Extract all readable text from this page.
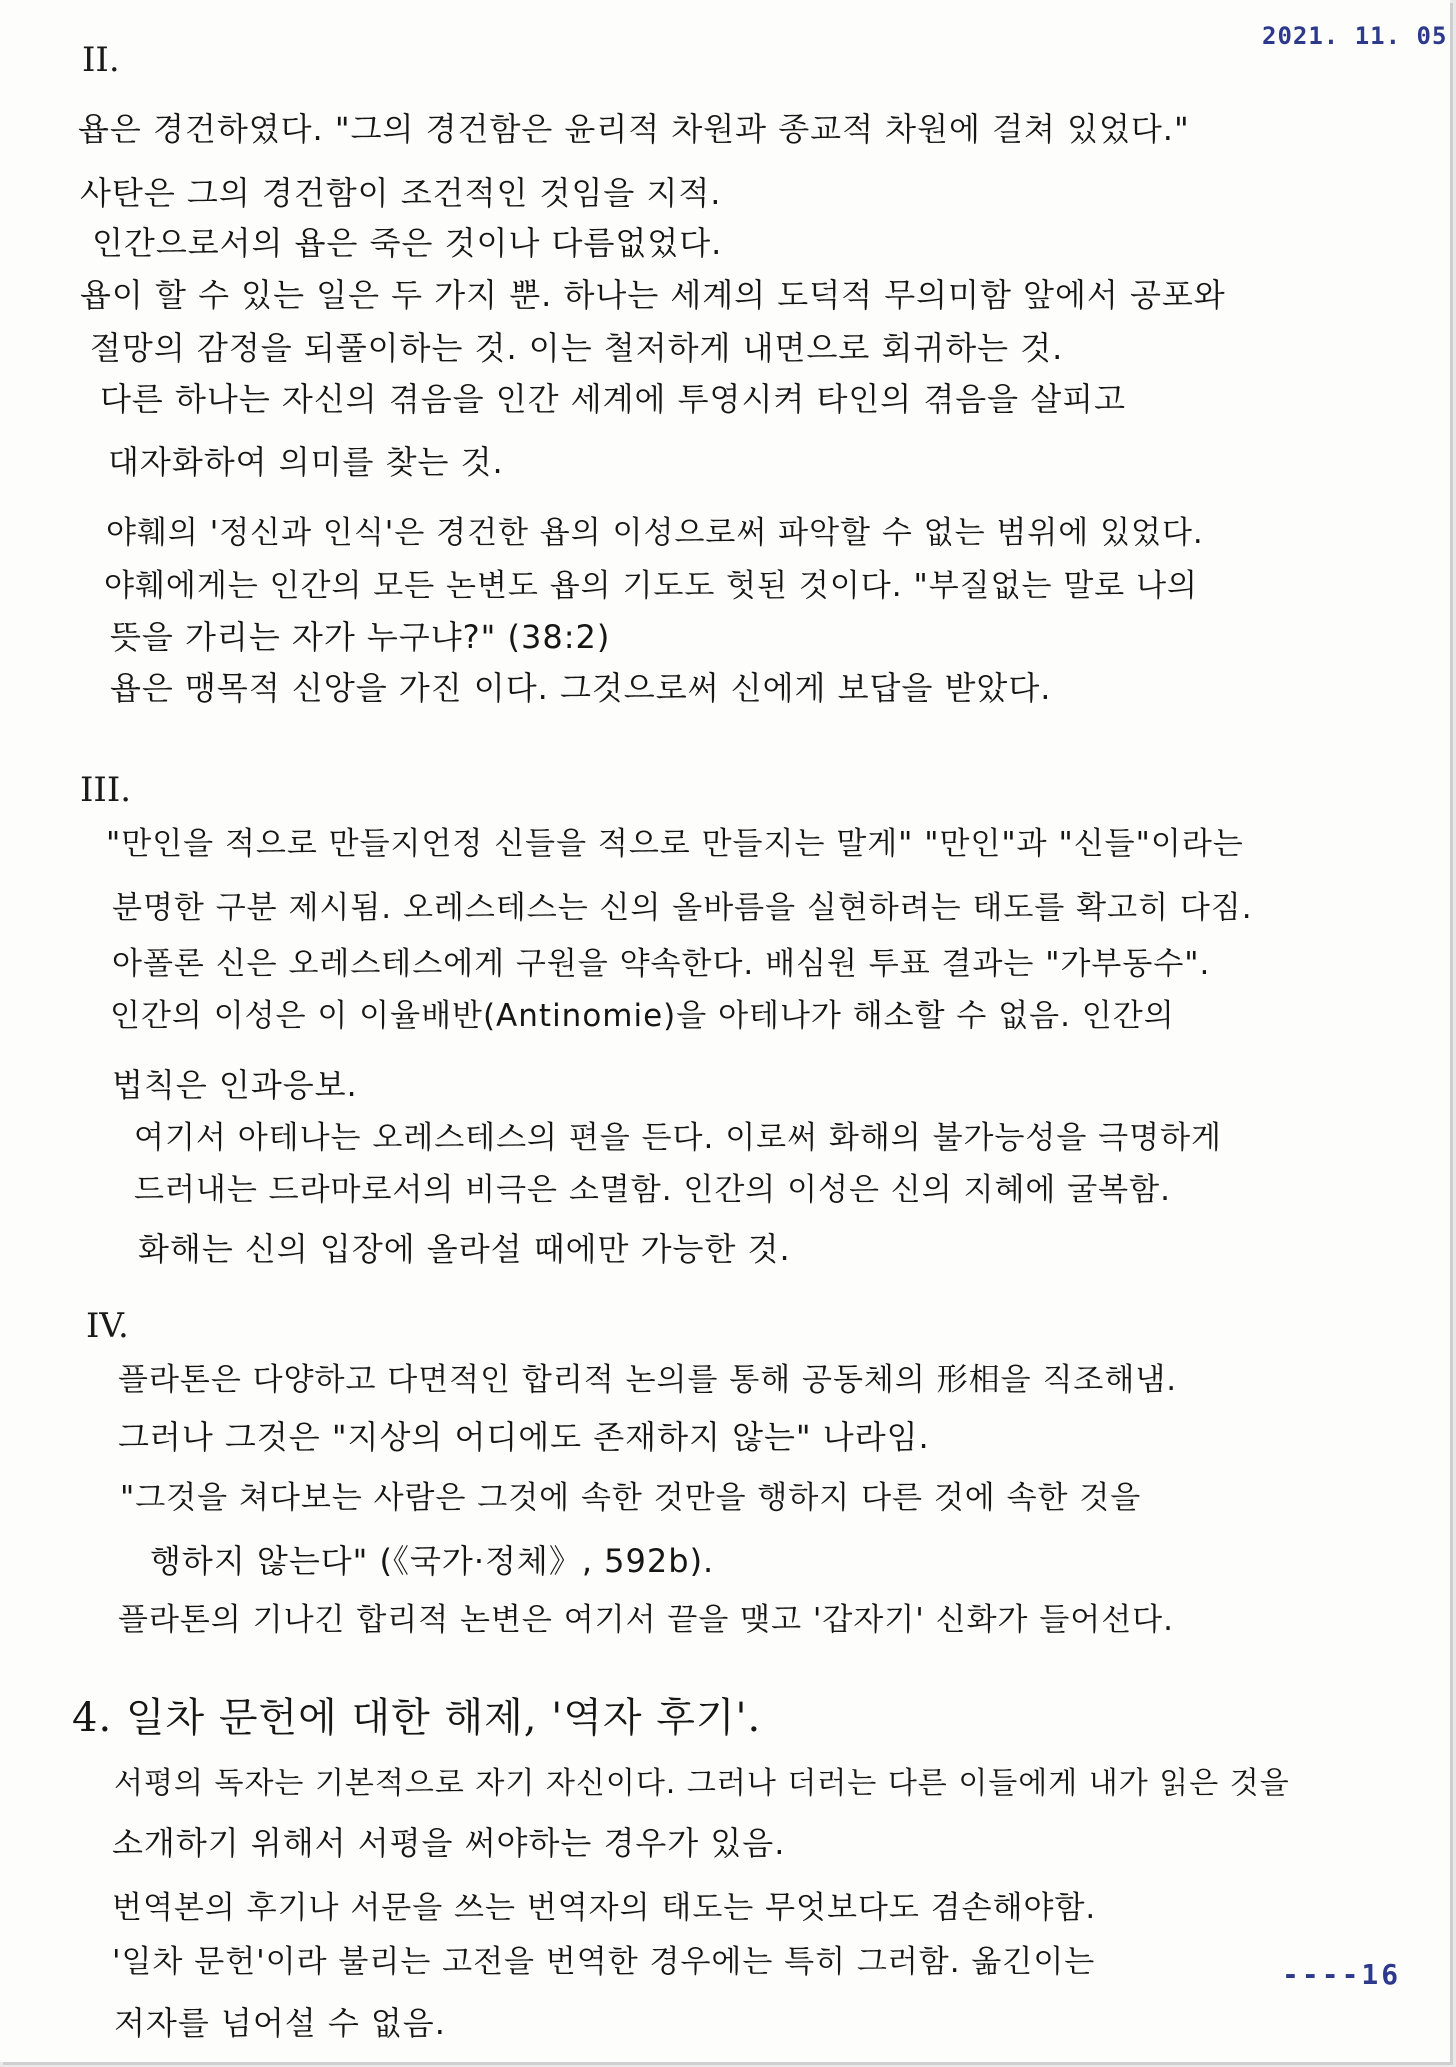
2021. 11. 05
II.
욥은 경건하였다. "그의 경건함은 윤리적 차원과 종교적 차원에 걸쳐 있었다."
사탄은 그의 경건함이 조건적인 것임을 지적.
인간으로서의 욥은 죽은 것이나 다름없었다.
욥이 할 수 있는 일은 두 가지 뿐. 하나는 세계의 도덕적 무의미함 앞에서 공포와
절망의 감정을 되풀이하는 것. 이는 철저하게 내면으로 회귀하는 것.
다른 하나는 자신의 겪음을 인간 세계에 투영시켜 타인의 겪음을 살피고
대자화하여 의미를 찾는 것.
야훼의 '정신과 인식'은 경건한 욥의 이성으로써 파악할 수 없는 범위에 있었다.
야훼에게는 인간의 모든 논변도 욥의 기도도 헛된 것이다. "부질없는 말로 나의
뜻을 가리는 자가 누구냐?" (38:2)
욥은 맹목적 신앙을 가진 이다. 그것으로써 신에게 보답을 받았다.
III.
"만인을 적으로 만들지언정 신들을 적으로 만들지는 말게" "만인"과 "신들"이라는
분명한 구분 제시됨. 오레스테스는 신의 올바름을 실현하려는 태도를 확고히 다짐.
아폴론 신은 오레스테스에게 구원을 약속한다. 배심원 투표 결과는 "가부동수".
인간의 이성은 이 이율배반(Antinomie)을 아테나가 해소할 수 없음. 인간의
법칙은 인과응보.
여기서 아테나는 오레스테스의 편을 든다. 이로써 화해의 불가능성을 극명하게
드러내는 드라마로서의 비극은 소멸함. 인간의 이성은 신의 지혜에 굴복함.
화해는 신의 입장에 올라설 때에만 가능한 것.
IV.
플라톤은 다양하고 다면적인 합리적 논의를 통해 공동체의 形相을 직조해냄.
그러나 그것은 "지상의 어디에도 존재하지 않는" 나라임.
"그것을 쳐다보는 사람은 그것에 속한 것만을 행하지 다른 것에 속한 것을
행하지 않는다" (《국가·정체》, 592b).
플라톤의 기나긴 합리적 논변은 여기서 끝을 맺고 '갑자기' 신화가 들어선다.
4. 일차 문헌에 대한 해제, '역자 후기'.
서평의 독자는 기본적으로 자기 자신이다. 그러나 더러는 다른 이들에게 내가 읽은 것을
소개하기 위해서 서평을 써야하는 경우가 있음.
번역본의 후기나 서문을 쓰는 번역자의 태도는 무엇보다도 겸손해야함.
'일차 문헌'이라 불리는 고전을 번역한 경우에는 특히 그러함. 옮긴이는
저자를 넘어설 수 없음.
----16
